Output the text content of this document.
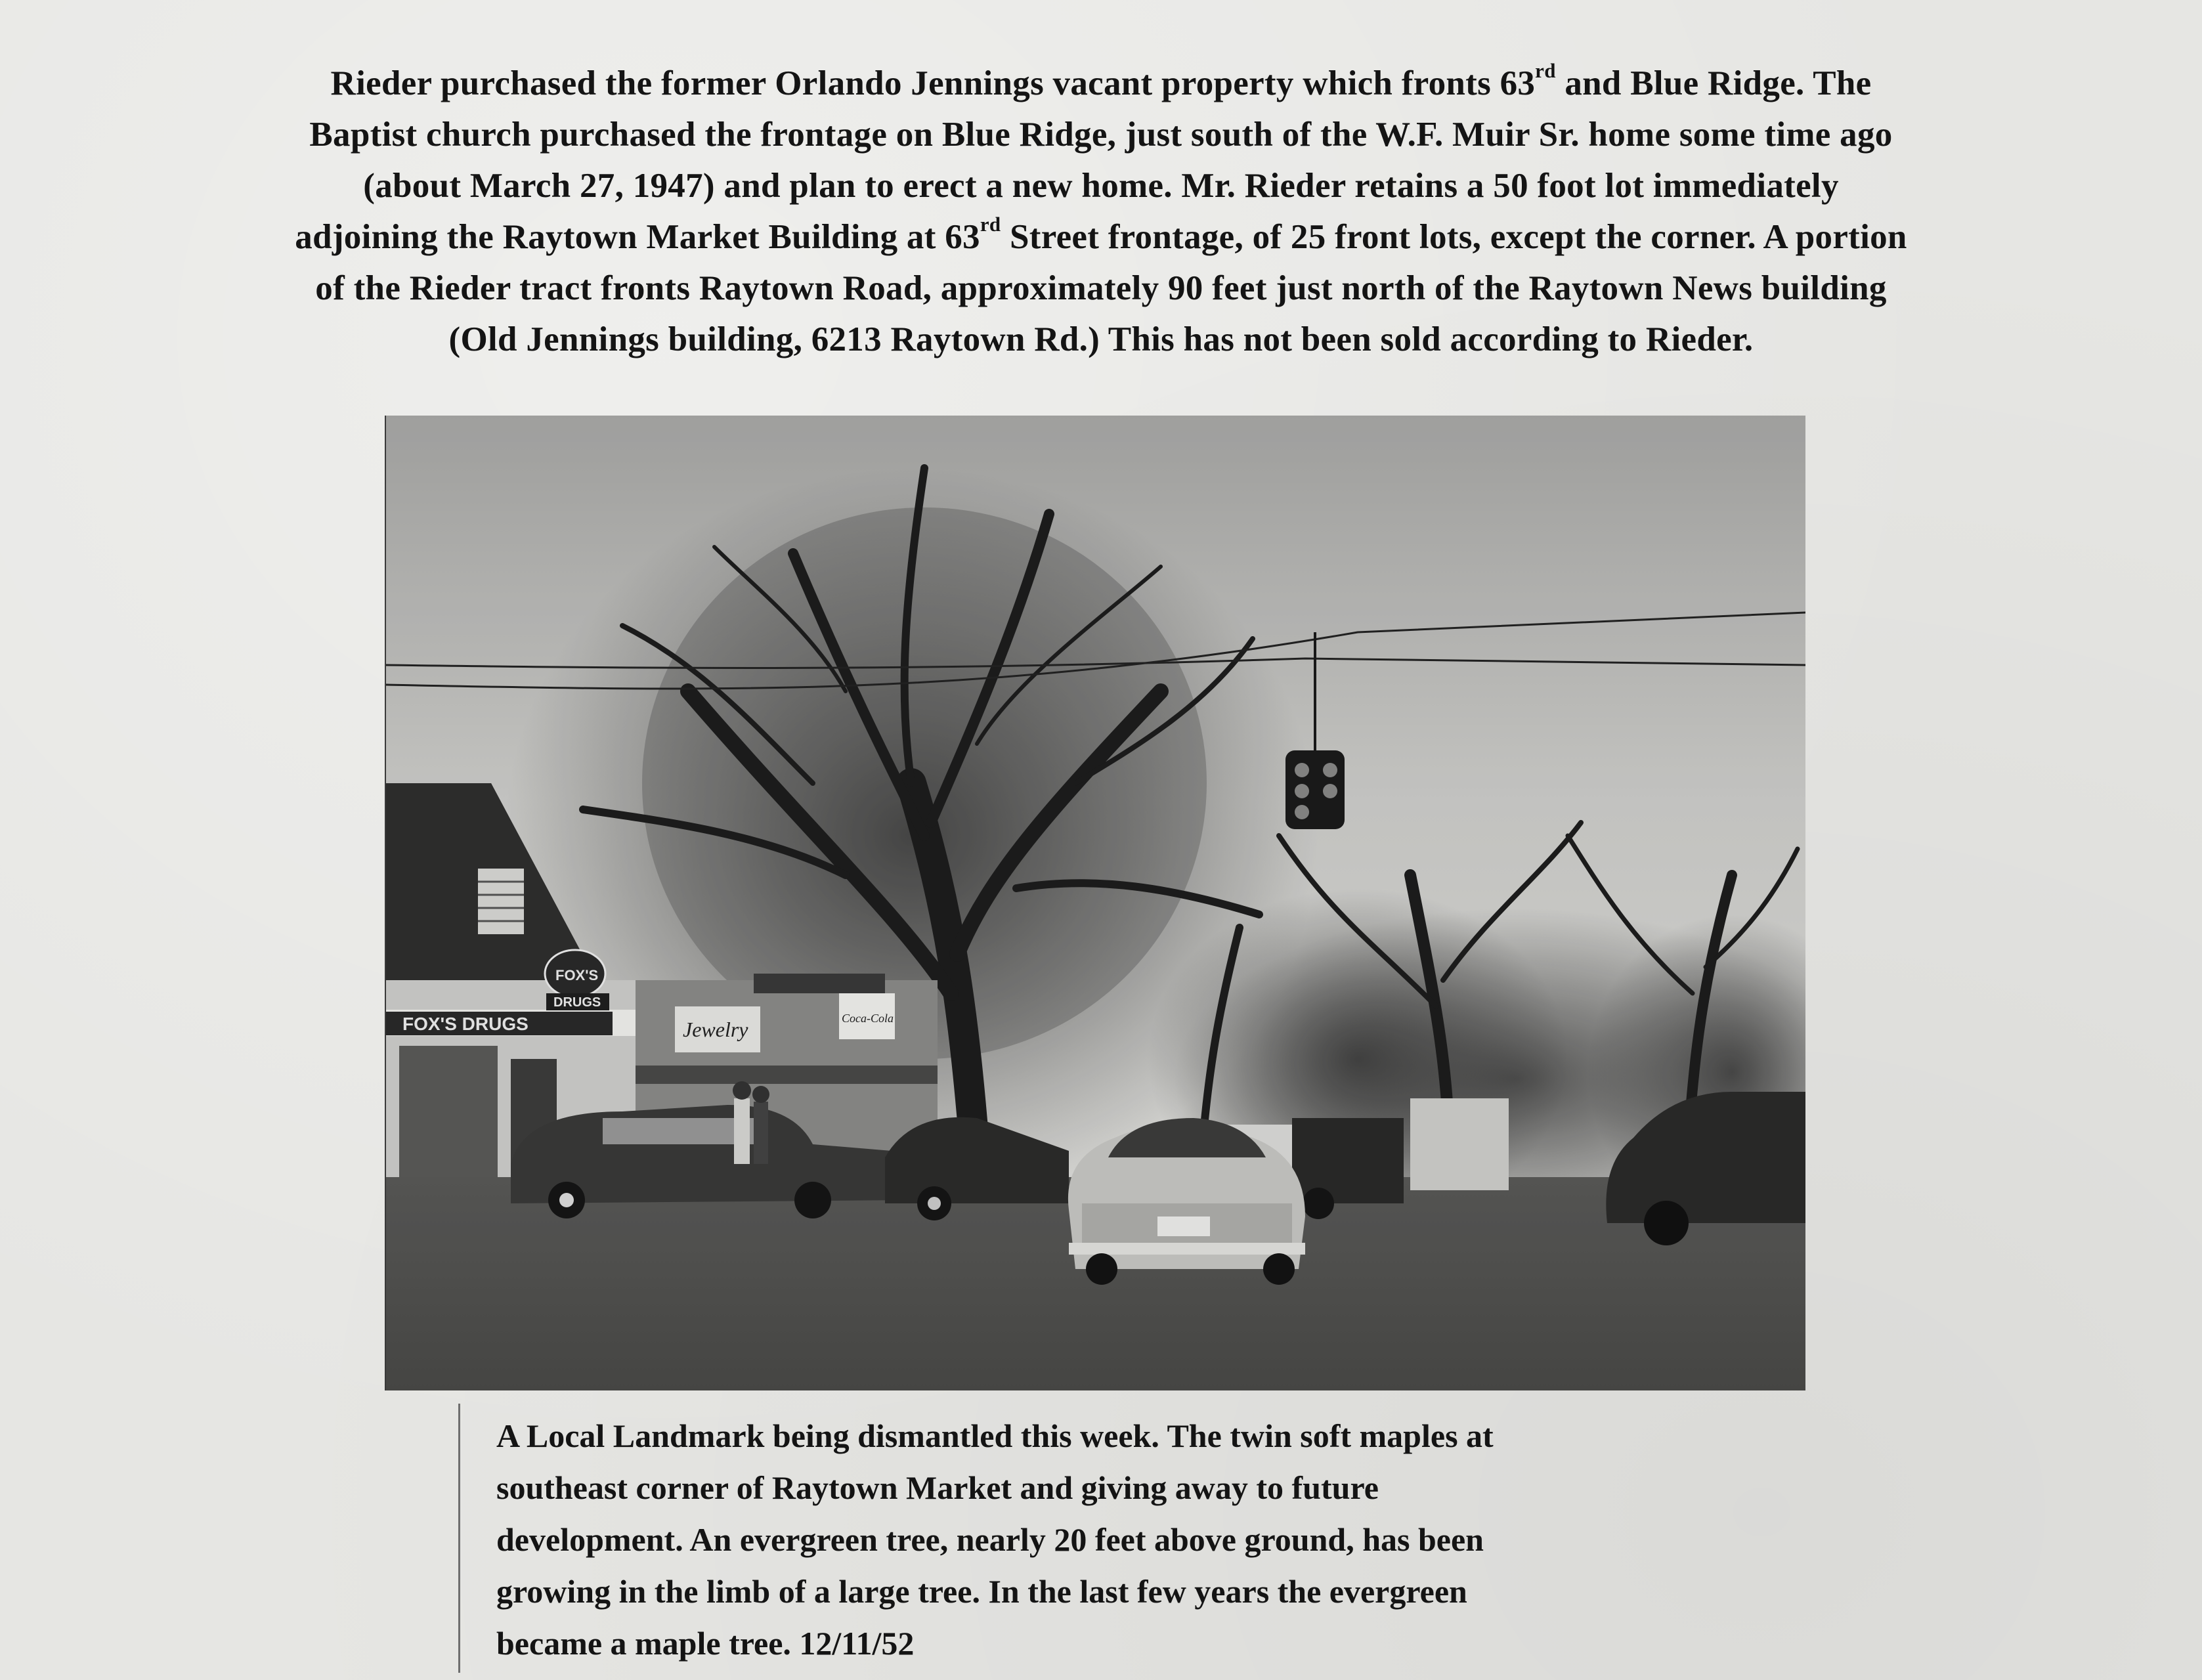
Rieder purchased the former Orlando Jennings vacant property which fronts 63rd and Blue Ridge. The
Baptist church purchased the frontage on Blue Ridge, just south of the W.F. Muir Sr. home some time ago
(about March 27, 1947) and plan to erect a new home. Mr. Rieder retains a 50 foot lot immediately
adjoining the Raytown Market Building at 63rd Street frontage, of 25 front lots, except the corner. A portion
of the Rieder tract fronts Raytown Road, approximately 90 feet just north of the Raytown News building
(Old Jennings building, 6213 Raytown Rd.) This has not been sold according to Rieder.
FOX'S DRUGS
FOX'S
DRUGS
Jewelry	Coca-Cola
A Local Landmark being dismantled this week. The twin soft maples at
southeast corner of Raytown Market and giving away to future
development. An evergreen tree, nearly 20 feet above ground, has been
growing in the limb of a large tree. In the last few years the evergreen
became a maple tree. 12/11/52
